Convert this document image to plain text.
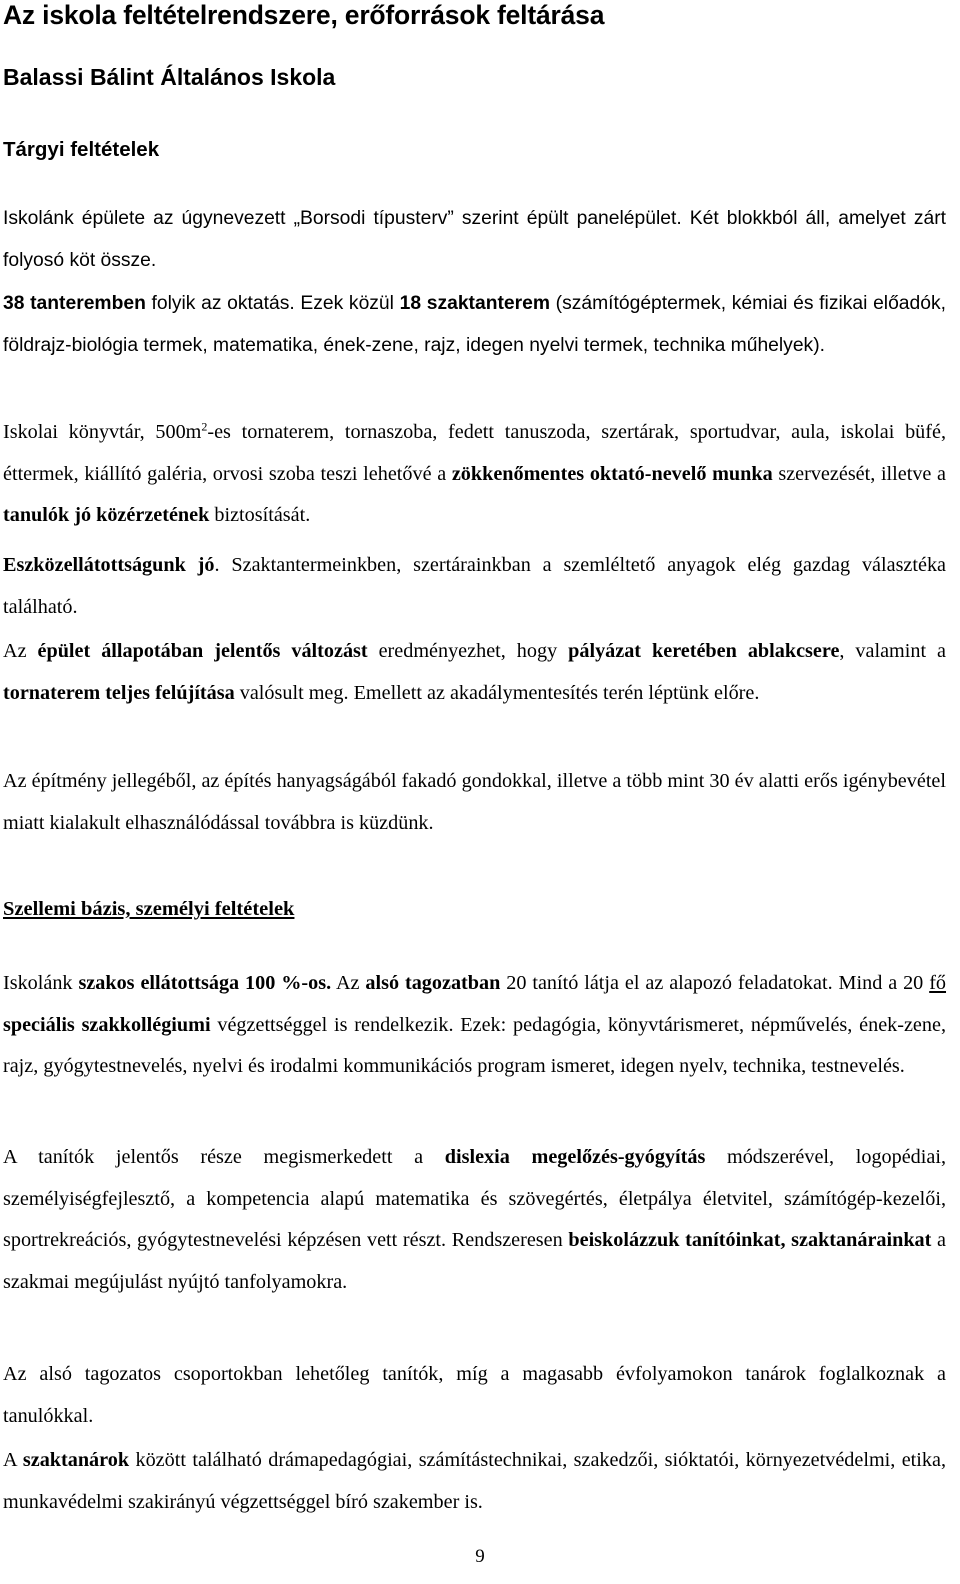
Az iskola feltételrendszere, erőforrások feltárása
Balassi Bálint Általános Iskola
Tárgyi feltételek
Iskolánk épülete az úgynevezett „Borsodi típusterv” szerint épült panelépület. Két blokkból áll, amelyet zárt folyosó köt össze.
38 tanteremben folyik az oktatás. Ezek közül 18 szaktanterem (számítógéptermek, kémiai és fizikai előadók, földrajz-biológia termek, matematika, ének-zene, rajz, idegen nyelvi termek, technika műhelyek).
Iskolai könyvtár, $500m^2-es$ tornaterem, tornaszoba, fedett tanuszoda, szertárak, sportudvar, aula, iskolai büfé, éttermek, kiállító galéria, orvosi szoba teszi lehetővé a zökkenőmentes oktató-nevelő munka szervezését, illetve a tanulók jó közérzetének biztosítását.
Eszközellátottságunk jó. Szaktantermeinkben, szertárainkban a szemléltető anyagok elég gazdag választéka található.
Az épület állapotában jelentős változást eredményezhet, hogy pályázat keretében ablakcsere, valamint a tornaterem teljes felújítása valósult meg. Emellett az akadálymentesítés terén léptünk előre.
Az építmény jellegéből, az építés hanyagságából fakadó gondokkal, illetve a több mint 30 év alatti erős igénybevétel miatt kialakult elhasználódással továbbra is küzdünk.
Szellemi bázis, személyi feltételek
Iskolánk szakos ellátottsága 100 %-os. Az alsó tagozatban 20 tanító látja el az alapozó feladatokat. Mind a 20 fő speciális szakkollégiumi végzettséggel is rendelkezik. Ezek: pedagógia, könyvtárismeret, népművelés, ének-zene, rajz, gyógytestnevelés, nyelvi és irodalmi kommunikációs program ismeret, idegen nyelv, technika, testnevelés.
A tanítók jelentős része megismerkedett a dislexia megelőzés-gyógyítás módszerével, logopédiai, személyiségfejlesztő, a kompetencia alapú matematika és szövegértés, életpálya életvitel, számítógép-kezelői, sportrekreációs, gyógytestnevelési képzésen vett részt. Rendszeresen beiskolázzuk tanítóinkat, szaktanárainkat a szakmai megújulást nyújtó tanfolyamokra.
Az alsó tagozatos csoportokban lehetőleg tanítók, míg a magasabb évfolyamokon tanárok foglalkoznak a tanulókkal.
A szaktanárok között található drámapedagógiai, számítástechnikai, szakedzői, sióktatói, környezetvédelmi, etika, munkavédelmi szakirányú végzettséggel bíró szakember is.
9
